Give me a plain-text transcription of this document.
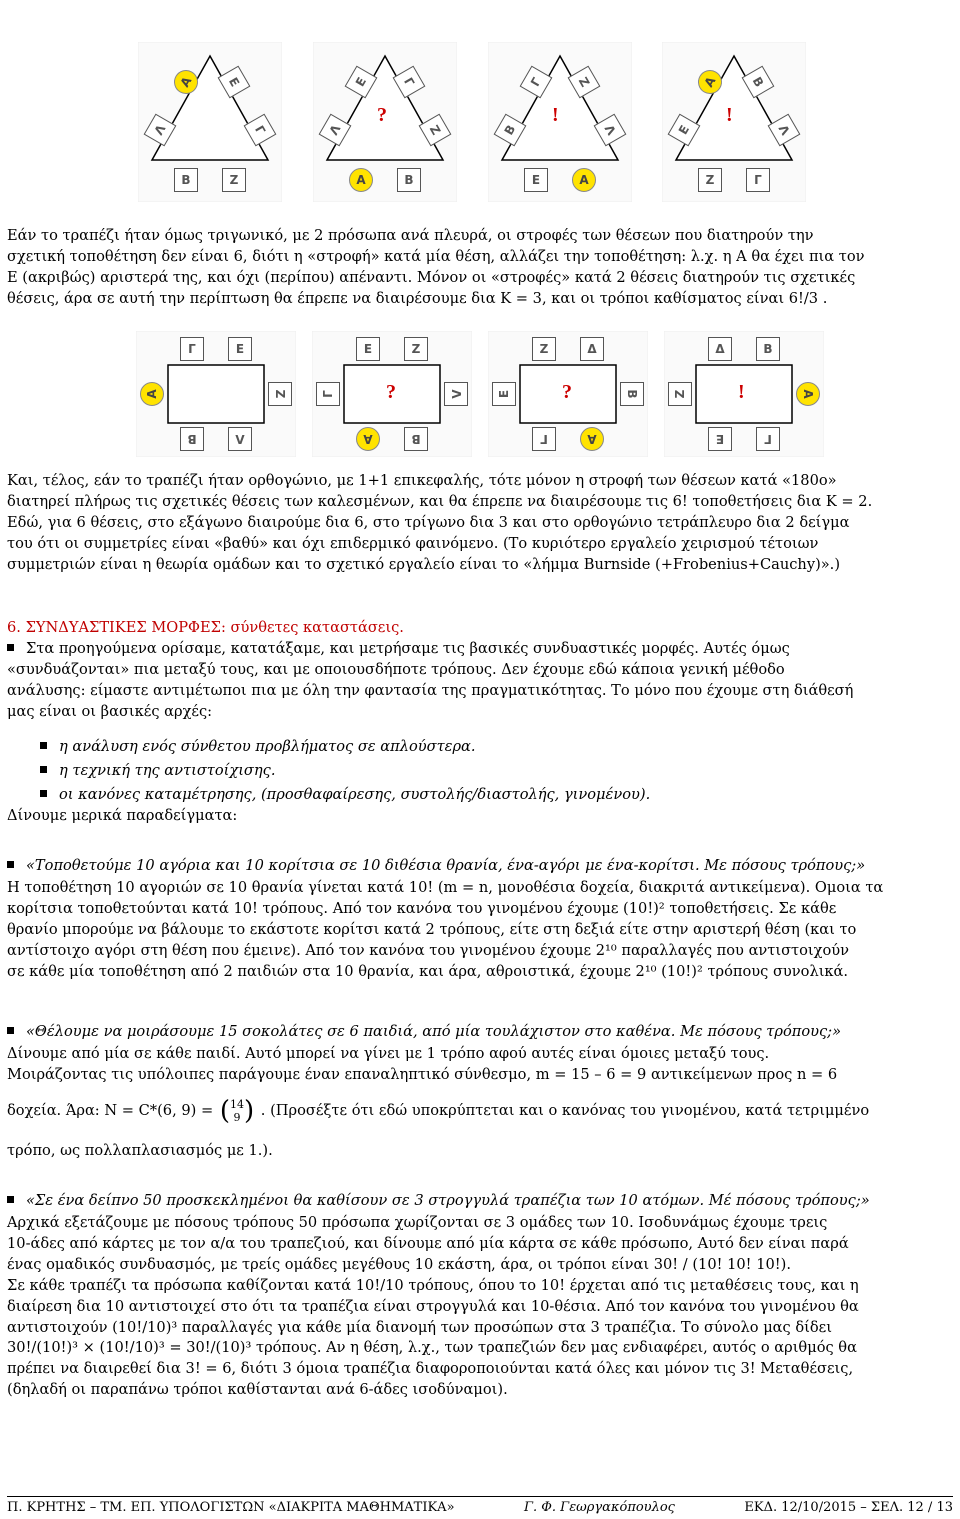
A	E
Γ
Λ
Ζ
Β
Ε	Γ
Ζ
Λ
Β
Α
?
Γ	Ζ
Λ
Β
Α
Ε
!
Α	Β
Λ
Ε
Γ
Ζ
!
Εάν το τραπέζι ήταν όμως τριγωνικό, με 2 πρόσωπα ανά πλευρά, οι στροφές των θέσεων που διατηρούν την
σχετική τοποθέτηση δεν είναι 6, διότι η «στροφή» κατά μία θέση, αλλάζει την τοποθέτηση: λ.χ. η Α θα έχει πια τον
Ε (ακριβώς) αριστερά της, και όχι (περίπου) απέναντι. Μόνον οι «στροφές» κατά 2 θέσεις διατηρούν τις σχετικές
θέσεις, άρα σε αυτή την περίπτωση θα έπρεπε να διαιρέσουμε δια Κ = 3, και οι τρόποι καθίσματος είναι 6!/3 .
Γ	Ε
Ζ
Λ
Β
Α
Ε	Ζ
Λ
Β
Α
Γ	?
Ζ	Δ
Β
Α
Γ
Ε	?
Δ	Β
Α
Γ
Ε
Ζ	!
Και, τέλος, εάν το τραπέζι ήταν ορθογώνιο, με 1+1 επικεφαλής, τότε μόνον η στροφή των θέσεων κατά «180ο»
διατηρεί πλήρως τις σχετικές θέσεις των καλεσμένων, και θα έπρεπε να διαιρέσουμε τις 6! τοποθετήσεις δια Κ = 2.
Εδώ, για 6 θέσεις, στο εξάγωνο διαιρούμε δια 6, στο τρίγωνο δια 3 και στο ορθογώνιο τετράπλευρο δια 2 δείγμα
του ότι οι συμμετρίες είναι «βαθύ» και όχι επιδερμικό φαινόμενο. (Το κυριότερο εργαλείο χειρισμού τέτοιων
συμμετριών είναι η θεωρία ομάδων και το σχετικό εργαλείο είναι το «λήμμα Burnside (+Frobenius+Cauchy)».)
6. ΣΥΝΔΥΑΣΤΙΚΕΣ ΜΟΡΦΕΣ: σύνθετες καταστάσεις.
Στα προηγούμενα ορίσαμε, κατατάξαμε, και μετρήσαμε τις βασικές συνδυαστικές μορφές. Αυτές όμως
«συνδυάζονται» πια μεταξύ τους, και με οποιουσδήποτε τρόπους. Δεν έχουμε εδώ κάποια γενική μέθοδο
ανάλυσης: είμαστε αντιμέτωποι πια με όλη την φαντασία της πραγματικότητας. Το μόνο που έχουμε στη διάθεσή
μας είναι οι βασικές αρχές:
η ανάλυση ενός σύνθετου προβλήματος σε απλούστερα.
η τεχνική της αντιστοίχισης.
οι κανόνες καταμέτρησης, (προσθαφαίρεσης, συστολής/διαστολής, γινομένου).
Δίνουμε μερικά παραδείγματα:
«Τοποθετούμε 10 αγόρια και 10 κορίτσια σε 10 διθέσια θρανία, ένα-αγόρι με ένα-κορίτσι. Με πόσους τρόπους;»
Η τοποθέτηση 10 αγοριών σε 10 θρανία γίνεται κατά 10! (m = n, μονοθέσια δοχεία, διακριτά αντικείμενα). Ομοια τα
κορίτσια τοποθετούνται κατά 10! τρόπους. Από τον κανόνα του γινομένου έχουμε (10!)² τοποθετήσεις. Σε κάθε
θρανίο μπορούμε να βάλουμε το εκάστοτε κορίτσι κατά 2 τρόπους, είτε στη δεξιά είτε στην αριστερή θέση (και το
αντίστοιχο αγόρι στη θέση που έμεινε). Από τον κανόνα του γινομένου έχουμε 2¹⁰ παραλλαγές που αντιστοιχούν
σε κάθε μία τοποθέτηση από 2 παιδιών στα 10 θρανία, και άρα, αθροιστικά, έχουμε 2¹⁰ (10!)² τρόπους συνολικά.
«Θέλουμε να μοιράσουμε 15 σοκολάτες σε 6 παιδιά, από μία τουλάχιστον στο καθένα. Με πόσους τρόπους;»
Δίνουμε από μία σε κάθε παιδί. Αυτό μπορεί να γίνει με 1 τρόπο αφού αυτές είναι όμοιες μεταξύ τους.
Μοιράζοντας τις υπόλοιπες παράγουμε έναν επαναληπτικό σύνθεσμο, m = 15 – 6 = 9 αντικείμενων προς n = 6
δοχεία. Άρα: N = C*(6, 9) = ( 14
9 ) . (Προσέξτε ότι εδώ υποκρύπτεται και ο κανόνας του γινομένου, κατά τετριμμένο
τρόπο, ως πολλαπλασιασμός με 1.).
«Σε ένα δείπνο 50 προσκεκλημένοι θα καθίσουν σε 3 στρογγυλά τραπέζια των 10 ατόμων. Μέ πόσους τρόπους;»
Αρχικά εξετάζουμε με πόσους τρόπους 50 πρόσωπα χωρίζονται σε 3 ομάδες των 10. Ισοδυνάμως έχουμε τρεις
10-άδες από κάρτες με τον α/α του τραπεζιού, και δίνουμε από μία κάρτα σε κάθε πρόσωπο, Αυτό δεν είναι παρά
ένας ομαδικός συνδυασμός, με τρείς ομάδες μεγέθους 10 εκάστη, άρα, οι τρόποι είναι 30! / (10! 10! 10!).
Σε κάθε τραπέζι τα πρόσωπα καθίζονται κατά 10!/10 τρόπους, όπου το 10! έρχεται από τις μεταθέσεις τους, και η
διαίρεση δια 10 αντιστοιχεί στο ότι τα τραπέζια είναι στρογγυλά και 10-θέσια. Από τον κανόνα του γινομένου θα
αντιστοιχούν (10!/10)³ παραλλαγές για κάθε μία διανομή των προσώπων στα 3 τραπέζια. Το σύνολο μας δίδει
30!/(10!)³ × (10!/10)³ = 30!/(10)³ τρόπους. Αν η θέση, λ.χ., των τραπεζιών δεν μας ενδιαφέρει, αυτός ο αριθμός θα
πρέπει να διαιρεθεί δια 3! = 6, διότι 3 όμοια τραπέζια διαφοροποιούνται κατά όλες και μόνον τις 3! Μεταθέσεις,
(δηλαδή οι παραπάνω τρόποι καθίστανται ανά 6-άδες ισοδύναμοι).
Π. ΚΡΗΤΗΣ – ΤΜ. ΕΠ. ΥΠΟΛΟΓΙΣΤΩΝ «ΔΙΑΚΡΙΤΑ ΜΑΘΗΜΑΤΙΚΑ»	Γ. Φ. Γεωργακόπουλος	ΕΚΔ. 12/10/2015 – ΣΕΛ. 12 / 13
